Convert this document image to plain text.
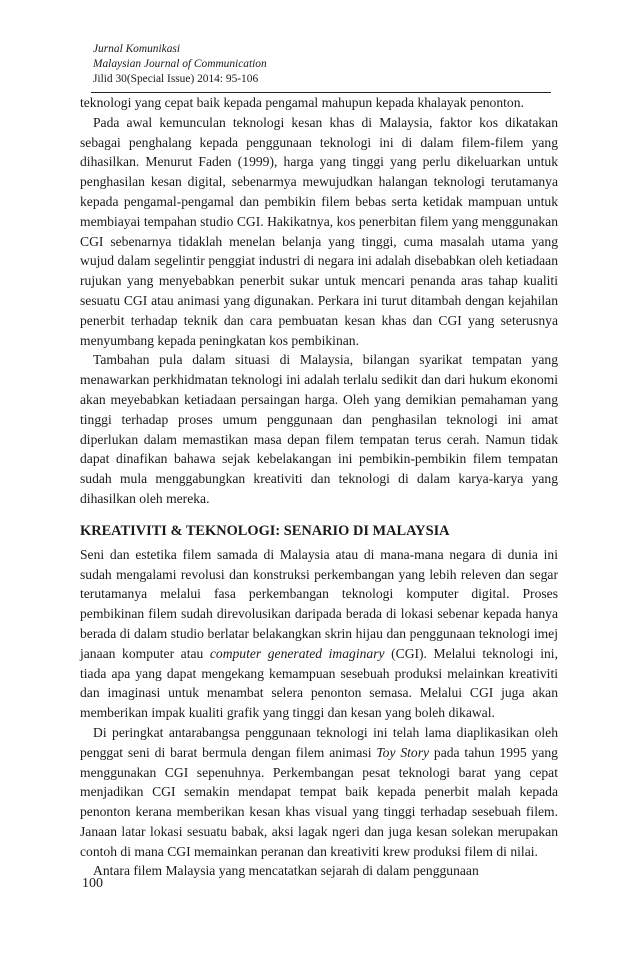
Jurnal Komunikasi
Malaysian Journal of Communication
Jilid 30(Special Issue) 2014: 95-106

teknologi yang cepat baik kepada pengamal mahupun kepada khalayak penonton.

Pada awal kemunculan teknologi kesan khas di Malaysia, faktor kos dikatakan sebagai penghalang kepada penggunaan teknologi ini di dalam filem-filem yang dihasilkan. Menurut Faden (1999), harga yang tinggi yang perlu dikeluarkan untuk penghasilan kesan digital, sebenarmya mewujudkan halangan teknologi terutamanya kepada pengamal-pengamal dan pembikin filem bebas serta ketidak mampuan untuk membiayai tempahan studio CGI. Hakikatnya, kos penerbitan filem yang menggunakan CGI sebenarnya tidaklah menelan belanja yang tinggi, cuma masalah utama yang wujud dalam segelintir penggiat industri di negara ini adalah disebabkan oleh ketiadaan rujukan yang menyebabkan penerbit sukar untuk mencari penanda aras tahap kualiti sesuatu CGI atau animasi yang digunakan. Perkara ini turut ditambah dengan kejahilan penerbit terhadap teknik dan cara pembuatan kesan khas dan CGI yang seterusnya menyumbang kepada peningkatan kos pembikinan.

Tambahan pula dalam situasi di Malaysia, bilangan syarikat tempatan yang menawarkan perkhidmatan teknologi ini adalah terlalu sedikit dan dari hukum ekonomi akan meyebabkan ketiadaan persaingan harga. Oleh yang demikian pemahaman yang tinggi terhadap proses umum penggunaan dan penghasilan teknologi ini amat diperlukan dalam memastikan masa depan filem tempatan terus cerah. Namun tidak dapat dinafikan bahawa sejak kebelakangan ini pembikin-pembikin filem tempatan sudah mula menggabungkan kreativiti dan teknologi di dalam karya-karya yang dihasilkan oleh mereka.

KREATIVITI & TEKNOLOGI: SENARIO DI MALAYSIA

Seni dan estetika filem samada di Malaysia atau di mana-mana negara di dunia ini sudah mengalami revolusi dan konstruksi perkembangan yang lebih releven dan segar terutamanya melalui fasa perkembangan teknologi komputer digital. Proses pembikinan filem sudah direvolusikan daripada berada di lokasi sebenar kepada hanya berada di dalam studio berlatar belakangkan skrin hijau dan penggunaan teknologi imej janaan komputer atau computer generated imaginary (CGI). Melalui teknologi ini, tiada apa yang dapat mengekang kemampuan sesebuah produksi melainkan kreativiti dan imaginasi untuk menambat selera penonton semasa. Melalui CGI juga akan memberikan impak kualiti grafik yang tinggi dan kesan yang boleh dikawal.

Di peringkat antarabangsa penggunaan teknologi ini telah lama diaplikasikan oleh penggat seni di barat bermula dengan filem animasi Toy Story pada tahun 1995 yang menggunakan CGI sepenuhnya. Perkembangan pesat teknologi barat yang cepat menjadikan CGI semakin mendapat tempat baik kepada penerbit malah kepada penonton kerana memberikan kesan khas visual yang tinggi terhadap sesebuah filem. Janaan latar lokasi sesuatu babak, aksi lagak ngeri dan juga kesan solekan merupakan contoh di mana CGI memainkan peranan dan kreativiti krew produksi filem di nilai.

Antara filem Malaysia yang mencatatkan sejarah di dalam penggunaan

100
